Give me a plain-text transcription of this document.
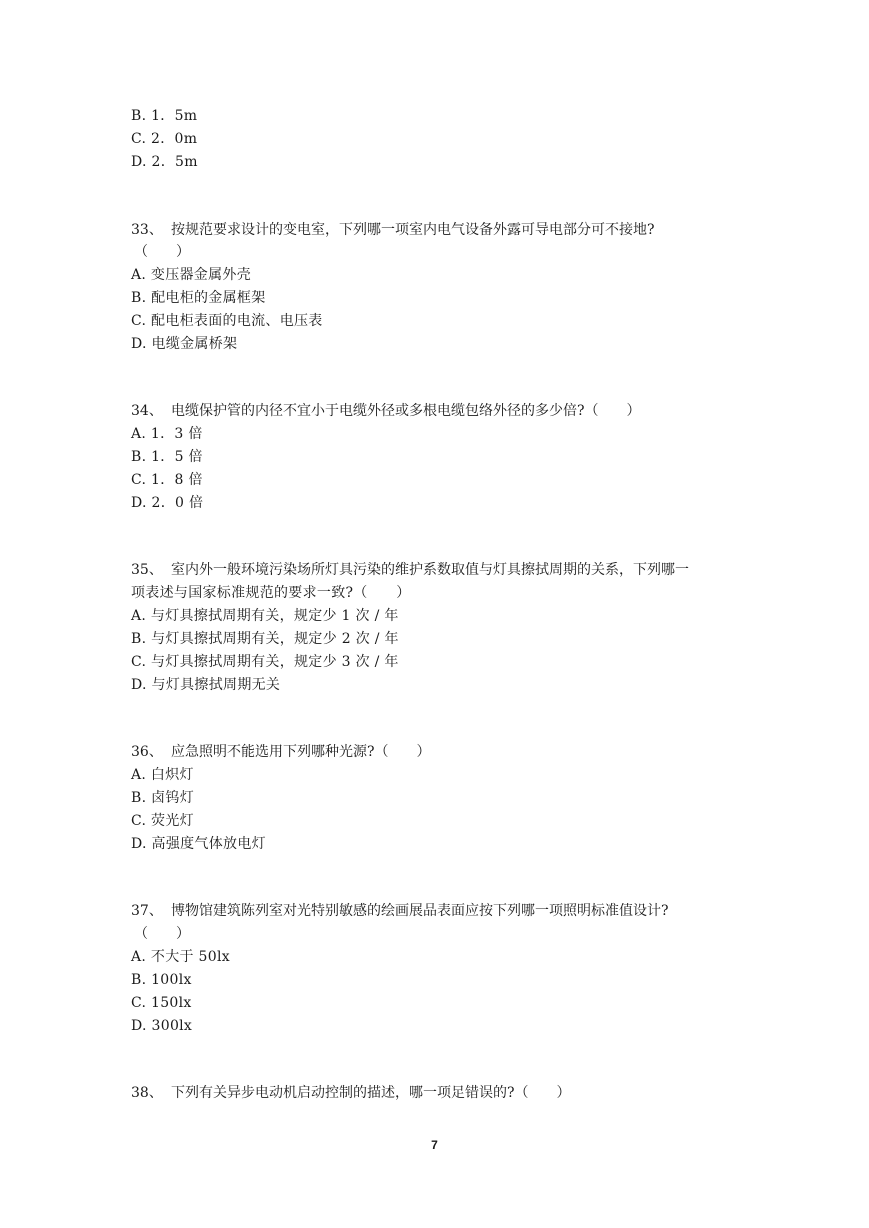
B. 1．5m
C. 2．0m
D. 2．5m
33、 按规范要求设计的变电室，下列哪一项室内电气设备外露可导电部分可不接地?
（　　）
A. 变压器金属外壳
B. 配电柜的金属框架
C. 配电柜表面的电流、电压表
D. 电缆金属桥架
34、 电缆保护管的内径不宜小于电缆外径或多根电缆包络外径的多少倍?（　　）
A. 1．3 倍
B. 1．5 倍
C. 1．8 倍
D. 2．0 倍
35、 室内外一般环境污染场所灯具污染的维护系数取值与灯具擦拭周期的关系，下列哪一
项表述与国家标准规范的要求一致?（　　）
A. 与灯具擦拭周期有关，规定少 1 次 / 年
B. 与灯具擦拭周期有关，规定少 2 次 / 年
C. 与灯具擦拭周期有关，规定少 3 次 / 年
D. 与灯具擦拭周期无关
36、 应急照明不能选用下列哪种光源?（　　）
A. 白炽灯
B. 卤钨灯
C. 荧光灯
D. 高强度气体放电灯
37、 博物馆建筑陈列室对光特别敏感的绘画展品表面应按下列哪一项照明标准值设计?
（　　）
A. 不大于 50lx
B. 100lx
C. 150lx
D. 300lx
38、 下列有关异步电动机启动控制的描述，哪一项足错误的?（　　）
7
